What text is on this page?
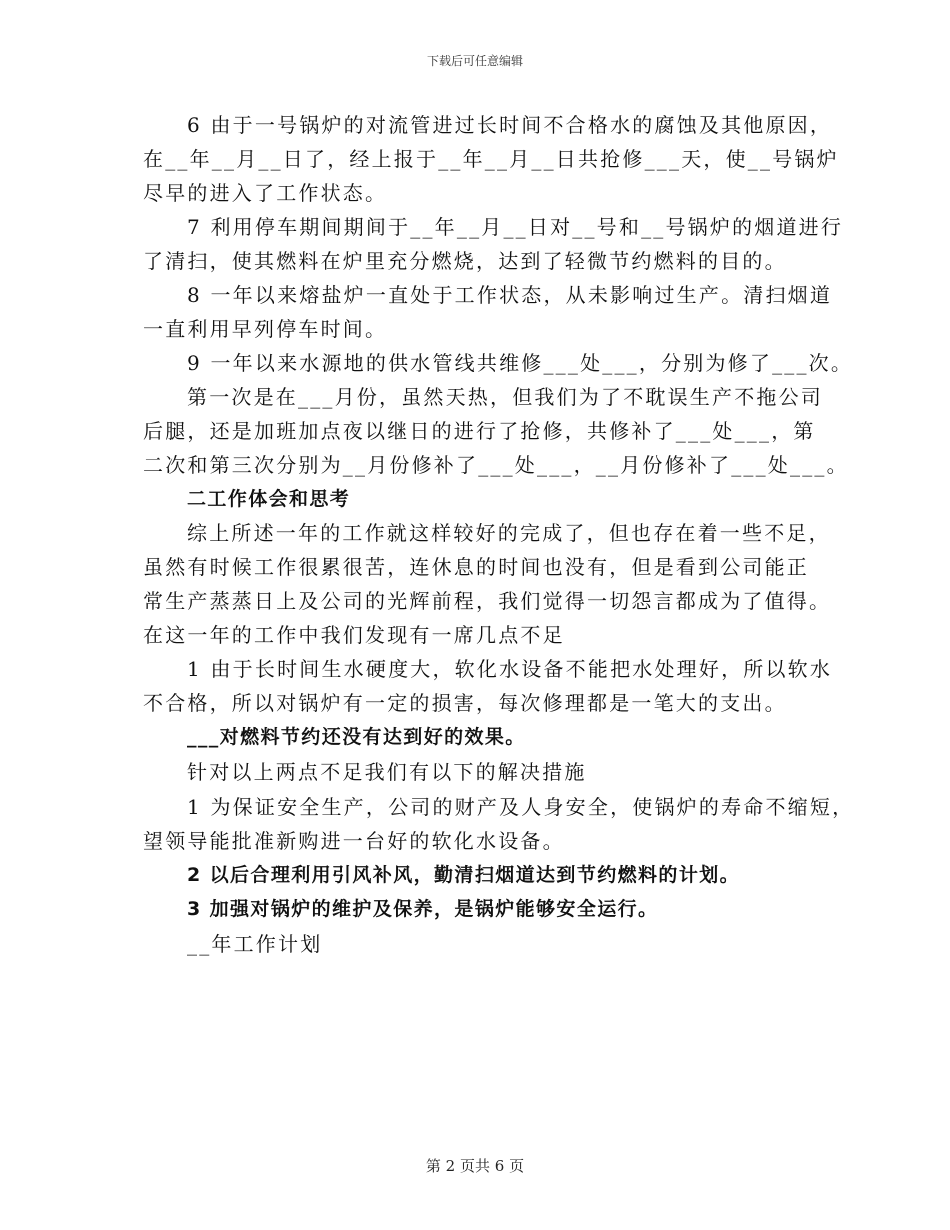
下载后可任意编辑
6 由于一号锅炉的对流管进过长时间不合格水的腐蚀及其他原因，
在__年__月__日了，经上报于__年__月__日共抢修___天，使__号锅炉
尽早的进入了工作状态。
7 利用停车期间期间于__年__月__日对__号和__号锅炉的烟道进行
了清扫，使其燃料在炉里充分燃烧，达到了轻微节约燃料的目的。
8 一年以来熔盐炉一直处于工作状态，从未影响过生产。清扫烟道
一直利用早列停车时间。
9 一年以来水源地的供水管线共维修___处___，分别为修了___次。
第一次是在___月份，虽然天热，但我们为了不耽误生产不拖公司
后腿，还是加班加点夜以继日的进行了抢修，共修补了___处___，第
二次和第三次分别为__月份修补了___处___，__月份修补了___处___。
二工作体会和思考
综上所述一年的工作就这样较好的完成了，但也存在着一些不足，
虽然有时候工作很累很苦，连休息的时间也没有，但是看到公司能正
常生产蒸蒸日上及公司的光辉前程，我们觉得一切怨言都成为了值得。
在这一年的工作中我们发现有一席几点不足
1 由于长时间生水硬度大，软化水设备不能把水处理好，所以软水
不合格，所以对锅炉有一定的损害，每次修理都是一笔大的支出。
___对燃料节约还没有达到好的效果。
针对以上两点不足我们有以下的解决措施
1 为保证安全生产，公司的财产及人身安全，使锅炉的寿命不缩短，
望领导能批准新购进一台好的软化水设备。
2 以后合理利用引风补风，勤清扫烟道达到节约燃料的计划。
3 加强对锅炉的维护及保养，是锅炉能够安全运行。
__年工作计划
第 2 页共 6 页
